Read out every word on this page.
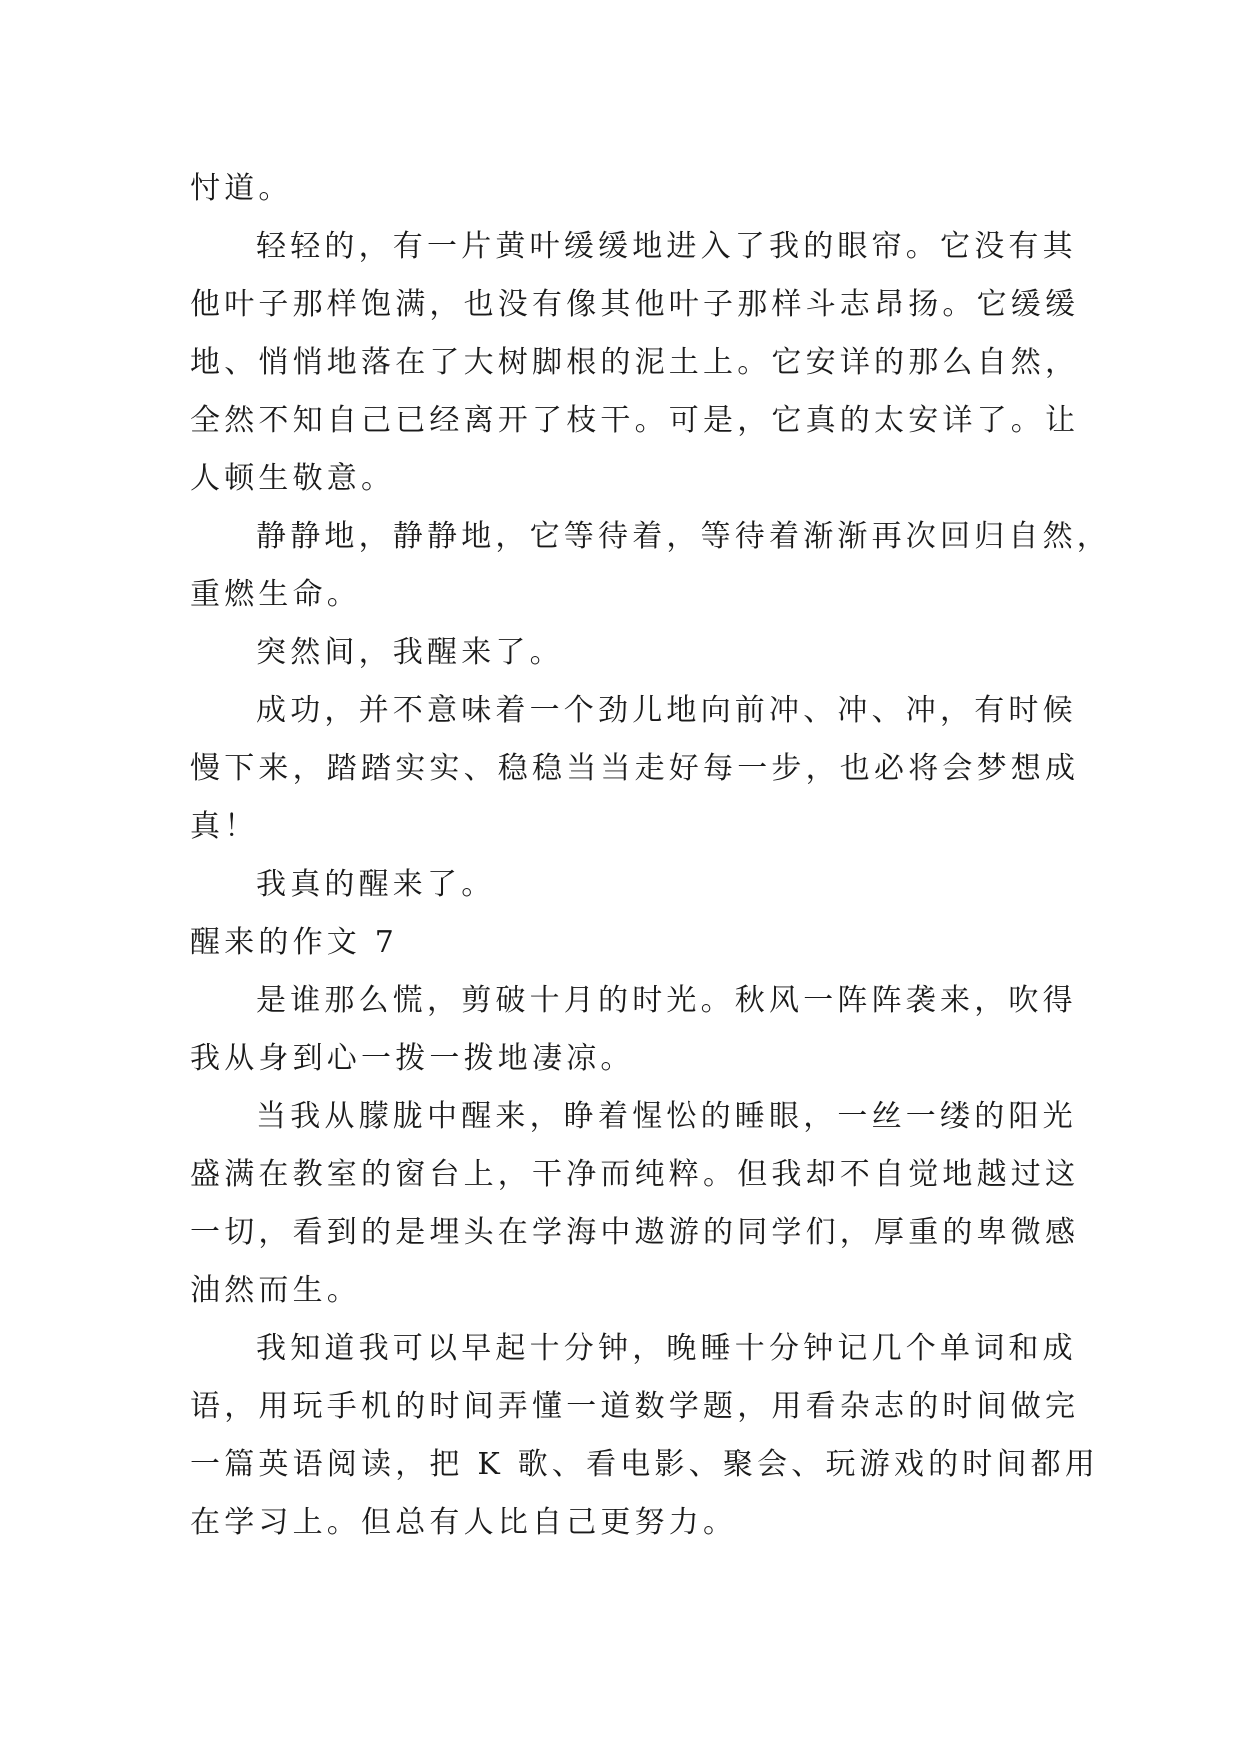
忖道。

轻轻的，有一片黄叶缓缓地进入了我的眼帘。它没有其

他叶子那样饱满，也没有像其他叶子那样斗志昂扬。它缓缓

地、悄悄地落在了大树脚根的泥土上。它安详的那么自然，

全然不知自己已经离开了枝干。可是，它真的太安详了。让

人顿生敬意。

静静地，静静地，它等待着，等待着渐渐再次回归自然，

重燃生命。

突然间，我醒来了。

成功，并不意味着一个劲儿地向前冲、冲、冲，有时候

慢下来，踏踏实实、稳稳当当走好每一步，也必将会梦想成

真！

我真的醒来了。

醒来的作文 7

是谁那么慌，剪破十月的时光。秋风一阵阵袭来，吹得

我从身到心一拨一拨地凄凉。

当我从朦胧中醒来，睁着惺忪的睡眼，一丝一缕的阳光

盛满在教室的窗台上，干净而纯粹。但我却不自觉地越过这

一切，看到的是埋头在学海中遨游的同学们，厚重的卑微感

油然而生。

我知道我可以早起十分钟，晚睡十分钟记几个单词和成

语，用玩手机的时间弄懂一道数学题，用看杂志的时间做完

一篇英语阅读，把 K 歌、看电影、聚会、玩游戏的时间都用

在学习上。但总有人比自己更努力。
